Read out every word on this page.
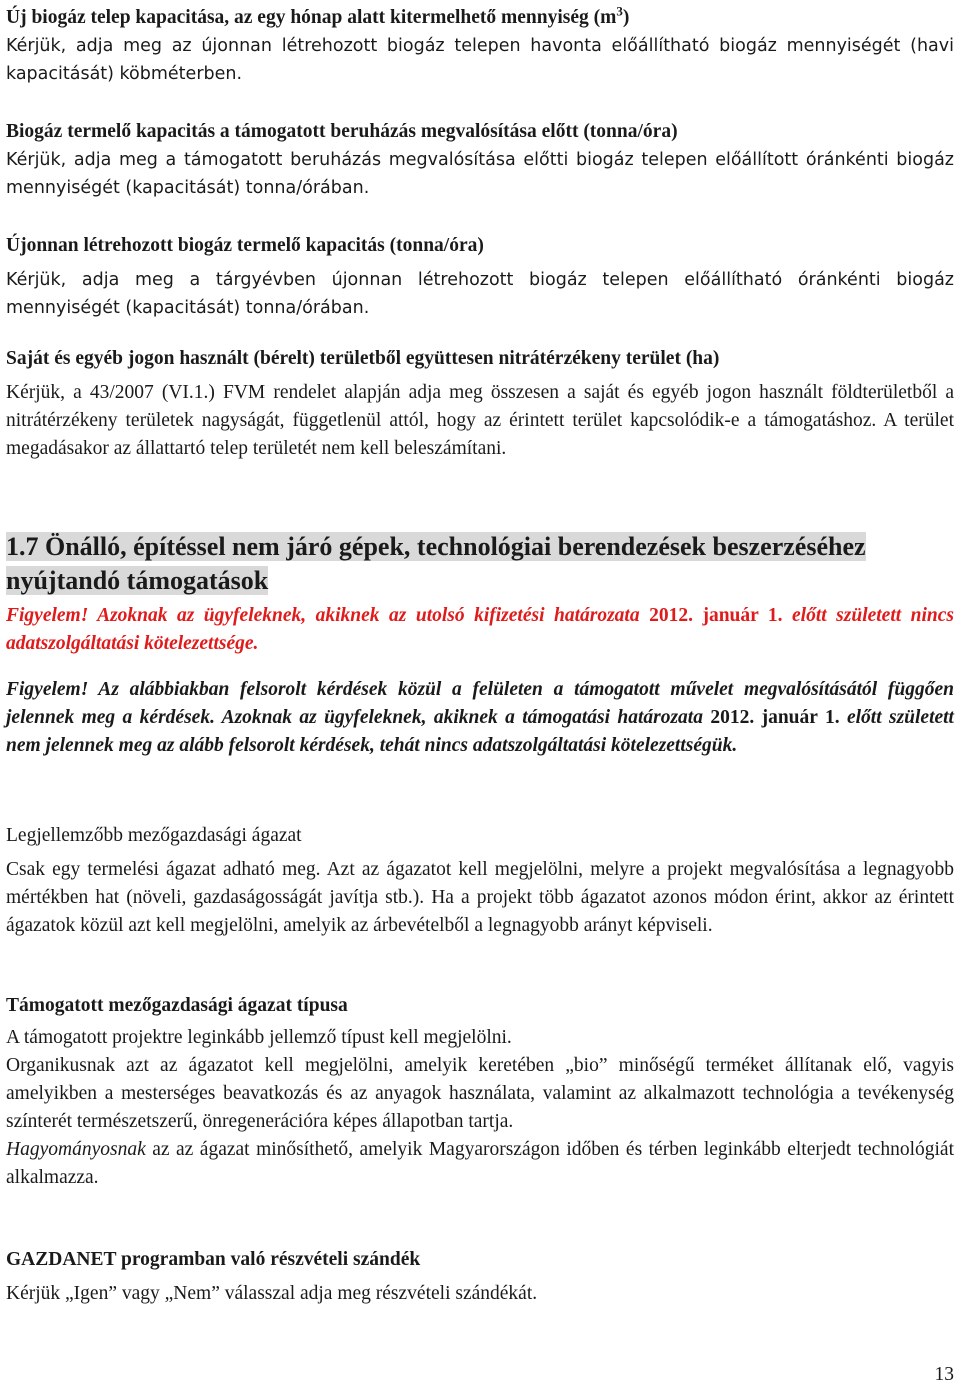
Új biogáz telep kapacitása, az egy hónap alatt kitermelhető mennyiség $(m^3)$

Kérjük, adja meg az újonnan létrehozott biogáz telepen havonta előállítható biogáz mennyiségét (havi kapacitását) köbméterben.

Biogáz termelő kapacitás a támogatott beruházás megvalósítása előtt (tonna/óra)

Kérjük, adja meg a támogatott beruházás megvalósítása előtti biogáz telepen előállított óránkénti biogáz mennyiségét (kapacitását) tonna/órában.

Újonnan létrehozott biogáz termelő kapacitás (tonna/óra)

Kérjük, adja meg a tárgyévben újonnan létrehozott biogáz telepen előállítható óránkénti biogáz mennyiségét (kapacitását) tonna/órában.

Saját és egyéb jogon használt (bérelt) területből együttesen nitrátérzékeny terület (ha)

Kérjük, a 43/2007 (VI.1.) FVM rendelet alapján adja meg összesen a saját és egyéb jogon használt földterületből a nitrátérzékeny területek nagyságát, függetlenül attól, hogy az érintett terület kapcsolódik-e a támogatáshoz. A terület megadásakor az állattartó telep területét nem kell beleszámítani.

1.7 Önálló, építéssel nem járó gépek, technológiai berendezések beszerzéséhez nyújtandó támogatások

Figyelem! Azoknak az ügyfeleknek, akiknek az utolsó kifizetési határozata 2012. január 1. előtt született nincs adatszolgáltatási kötelezettsége.

Figyelem! Az alábbiakban felsorolt kérdések közül a felületen a támogatott művelet megvalósításától függően jelennek meg a kérdések. Azoknak az ügyfeleknek, akiknek a támogatási határozata 2012. január 1. előtt született nem jelennek meg az alább felsorolt kérdések, tehát nincs adatszolgáltatási kötelezettségük.

Legjellemzőbb mezőgazdasági ágazat

Csak egy termelési ágazat adható meg. Azt az ágazatot kell megjelölni, melyre a projekt megvalósítása a legnagyobb mértékben hat (növeli, gazdaságosságát javítja stb.). Ha a projekt több ágazatot azonos módon érint, akkor az érintett ágazatok közül azt kell megjelölni, amelyik az árbevételből a legnagyobb arányt képviseli.

Támogatott mezőgazdasági ágazat típusa

A támogatott projektre leginkább jellemző típust kell megjelölni.

Organikusnak azt az ágazatot kell megjelölni, amelyik keretében „bio” minőségű terméket állítanak elő, vagyis amelyikben a mesterséges beavatkozás és az anyagok használata, valamint az alkalmazott technológia a tevékenység színterét természetszerű, önregenerációra képes állapotban tartja.

Hagyományosnak az az ágazat minősíthető, amelyik Magyarországon időben és térben leginkább elterjedt technológiát alkalmazza.

GAZDANET programban való részvételi szándék

Kérjük „Igen” vagy „Nem” válasszal adja meg részvételi szándékát.

13
